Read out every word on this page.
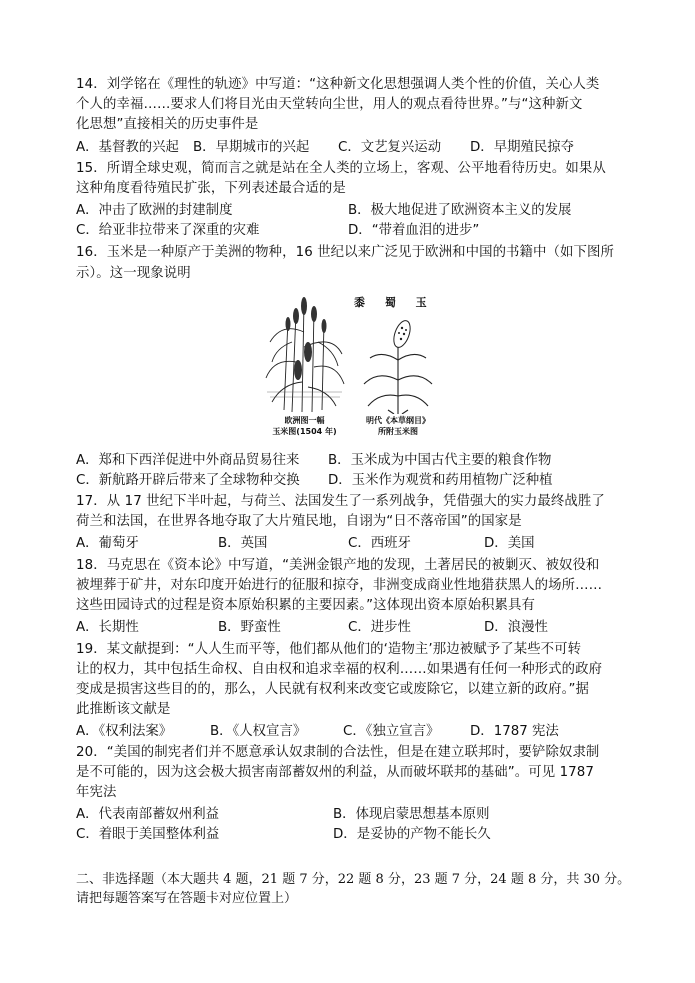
14．刘学铭在《理性的轨迹》中写道：“这种新文化思想强调人类个性的价值，关心人类
个人的幸福……要求人们将目光由天堂转向尘世，用人的观点看待世界。”与“这种新文
化思想”直接相关的历史事件是
A．基督教的兴起 B．早期城市的兴起 C．文艺复兴运动 D．早期殖民掠夺
15．所谓全球史观，简而言之就是站在全人类的立场上，客观、公平地看待历史。如果从
这种角度看待殖民扩张，下列表述最合适的是
A．冲击了欧洲的封建制度	B．极大地促进了欧洲资本主义的发展
C．给亚非拉带来了深重的灾难	D．“带着血泪的进步”
16．玉米是一种原产于美洲的物种，16 世纪以来广泛见于欧洲和中国的书籍中（如下图所
示）。这一现象说明
欧洲图一幅
玉米图(1504 年)
黍 蜀 玉
明代《本草纲目》
所附玉米图
A．郑和下西洋促进中外商品贸易往来 B．玉米成为中国古代主要的粮食作物
C．新航路开辟后带来了全球物种交换 D．玉米作为观赏和药用植物广泛种植
17．从 17 世纪下半叶起，与荷兰、法国发生了一系列战争，凭借强大的实力最终战胜了
荷兰和法国，在世界各地夺取了大片殖民地，自诩为“日不落帝国”的国家是
A．葡萄牙	B．英国	C．西班牙	D．美国
18．马克思在《资本论》中写道，“美洲金银产地的发现，土著居民的被剿灭、被奴役和
被埋葬于矿井，对东印度开始进行的征服和掠夺，非洲变成商业性地猎获黑人的场所……
这些田园诗式的过程是资本原始积累的主要因素。”这体现出资本原始积累具有
A．长期性	B．野蛮性	C．进步性	D．浪漫性
19．某文献提到：“人人生而平等，他们都从他们的‘造物主’那边被赋予了某些不可转
让的权力，其中包括生命权、自由权和追求幸福的权利……如果遇有任何一种形式的政府
变成是损害这些目的的，那么，人民就有权利来改变它或废除它，以建立新的政府。”据
此推断该文献是
A．《权利法案》	B．《人权宣言》	C．《独立宣言》 D．1787 宪法
20．“美国的制宪者们并不愿意承认奴隶制的合法性，但是在建立联邦时，要铲除奴隶制
是不可能的，因为这会极大损害南部蓄奴州的利益，从而破坏联邦的基础”。可见 1787
年宪法
A．代表南部蓄奴州利益	B．体现启蒙思想基本原则
C．着眼于美国整体利益	D．是妥协的产物不能长久
二、非选择题（本大题共 4 题，21 题 7 分，22 题 8 分，23 题 7 分，24 题 8 分，共 30 分。
请把每题答案写在答题卡对应位置上）
